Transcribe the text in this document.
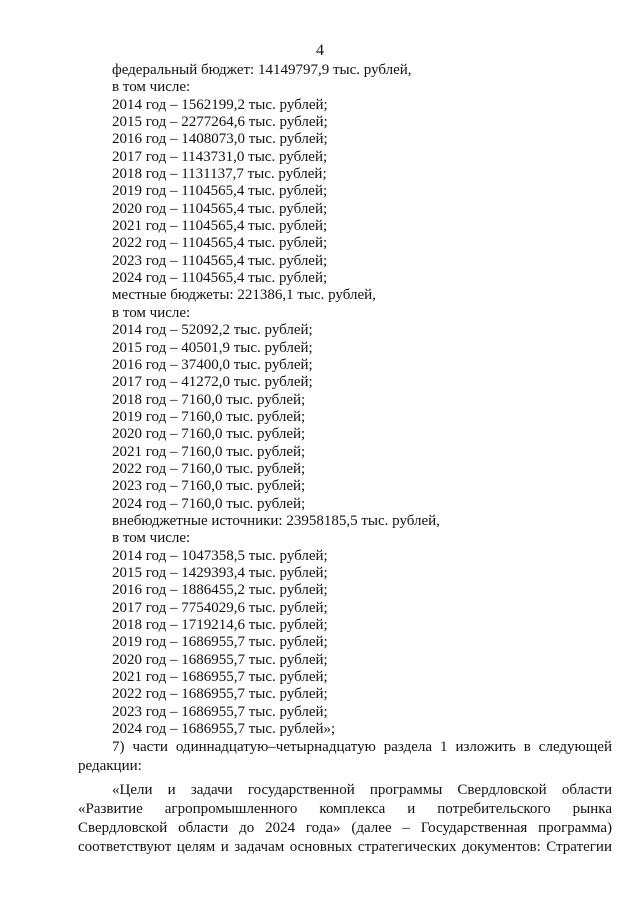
4
федеральный бюджет: 14149797,9 тыс. рублей,
в том числе:
2014 год – 1562199,2 тыс. рублей;
2015 год – 2277264,6 тыс. рублей;
2016 год – 1408073,0 тыс. рублей;
2017 год – 1143731,0 тыс. рублей;
2018 год – 1131137,7 тыс. рублей;
2019 год – 1104565,4 тыс. рублей;
2020 год – 1104565,4 тыс. рублей;
2021 год – 1104565,4 тыс. рублей;
2022 год – 1104565,4 тыс. рублей;
2023 год – 1104565,4 тыс. рублей;
2024 год – 1104565,4 тыс. рублей;
местные бюджеты: 221386,1 тыс. рублей,
в том числе:
2014 год – 52092,2 тыс. рублей;
2015 год – 40501,9 тыс. рублей;
2016 год – 37400,0 тыс. рублей;
2017 год – 41272,0 тыс. рублей;
2018 год – 7160,0 тыс. рублей;
2019 год – 7160,0 тыс. рублей;
2020 год – 7160,0 тыс. рублей;
2021 год – 7160,0 тыс. рублей;
2022 год – 7160,0 тыс. рублей;
2023 год – 7160,0 тыс. рублей;
2024 год – 7160,0 тыс. рублей;
внебюджетные источники: 23958185,5 тыс. рублей,
в том числе:
2014 год – 1047358,5 тыс. рублей;
2015 год – 1429393,4 тыс. рублей;
2016 год – 1886455,2 тыс. рублей;
2017 год – 7754029,6 тыс. рублей;
2018 год – 1719214,6 тыс. рублей;
2019 год – 1686955,7 тыс. рублей;
2020 год – 1686955,7 тыс. рублей;
2021 год – 1686955,7 тыс. рублей;
2022 год – 1686955,7 тыс. рублей;
2023 год – 1686955,7 тыс. рублей;
2024 год – 1686955,7 тыс. рублей»;
7) части одиннадцатую–четырнадцатую раздела 1 изложить в следующей
редакции:
«Цели и задачи государственной программы Свердловской области
«Развитие агропромышленного комплекса и потребительского рынка
Свердловской области до 2024 года» (далее – Государственная программа)
соответствуют целям и задачам основных стратегических документов: Стратегии
